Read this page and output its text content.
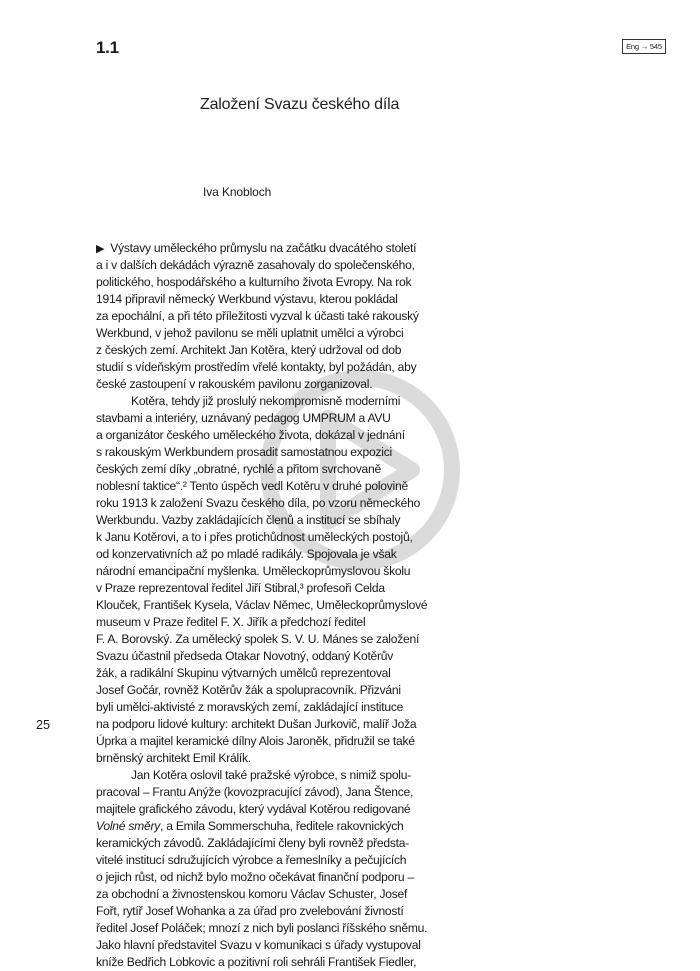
1.1	Eng → 545
Založení Svazu českého díla
Iva Knobloch
25
▶ Výstavy uměleckého průmyslu na začátku dvacátého století
a i v dalších dekádách výrazně zasahovaly do společenského,
politického, hospodářského a kulturního života Evropy. Na rok
1914 připravil německý Werkbund výstavu, kterou pokládal
za epochální, a při této příležitosti vyzval k účasti také rakouský
Werkbund, v jehož pavilonu se měli uplatnit umělci a výrobci
z českých zemí. Architekt Jan Kotěra, který udržoval od dob
studií s vídeňským prostředím vřelé kontakty, byl požádán, aby
české zastoupení v rakouském pavilonu zorganizoval.
Kotěra, tehdy již proslulý nekompromisně moderními
stavbami a interiéry, uznávaný pedagog UMPRUM a AVU
a organizátor českého uměleckého života, dokázal v jednání
s rakouským Werkbundem prosadit samostatnou expozici
českých zemí díky „obratné, rychlé a přitom svrchovaně
noblesní taktice“.² Tento úspěch vedl Kotěru v druhé polovině
roku 1913 k založení Svazu českého díla, po vzoru německého
Werkbundu. Vazby zakládajících členů a institucí se sbíhaly
k Janu Kotěrovi, a to i přes protichůdnost uměleckých postojů,
od konzervativních až po mladé radikály. Spojovala je však
národní emancipační myšlenka. Uměleckoprůmyslovou školu
v Praze reprezentoval ředitel Jiří Stibral,³ profesoři Celda
Klouček, František Kysela, Václav Němec, Uměleckoprůmyslové
museum v Praze ředitel F. X. Jiřík a předchozí ředitel
F. A. Borovský. Za umělecký spolek S. V. U. Mánes se založení
Svazu účastnil předseda Otakar Novotný, oddaný Kotěrův
žák, a radikální Skupinu výtvarných umělců reprezentoval
Josef Gočár, rovněž Kotěrův žák a spolupracovník. Přizváni
byli umělci-aktivisté z moravských zemí, zakládající instituce
na podporu lidové kultury: architekt Dušan Jurkovič, malíř Joža
Úprka a majitel keramické dílny Alois Jaroněk, přidružil se také
brněnský architekt Emil Králík.
Jan Kotěra oslovil také pražské výrobce, s nimiž spolu-
pracoval – Frantu Anýže (kovozpracující závod), Jana Štence,
majitele grafického závodu, který vydával Kotěrou redigované
Volné směry, a Emila Sommerschuha, ředitele rakovnických
keramických závodů. Zakládajícími členy byli rovněž předsta-
vitelé institucí sdružujících výrobce a řemeslníky a pečujících
o jejich růst, od nichž bylo možno očekávat finanční podporu –
za obchodní a živnostenskou komoru Václav Schuster, Josef
Fořt, rytíř Josef Wohanka a za úřad pro zvelebování živností
ředitel Josef Poláček; mnozí z nich byli poslanci říšského sněmu.
Jako hlavní představitel Svazu v komunikaci s úřady vystupoval
kníže Bedřich Lobkovic a pozitivní roli sehráli František Fiedler,
